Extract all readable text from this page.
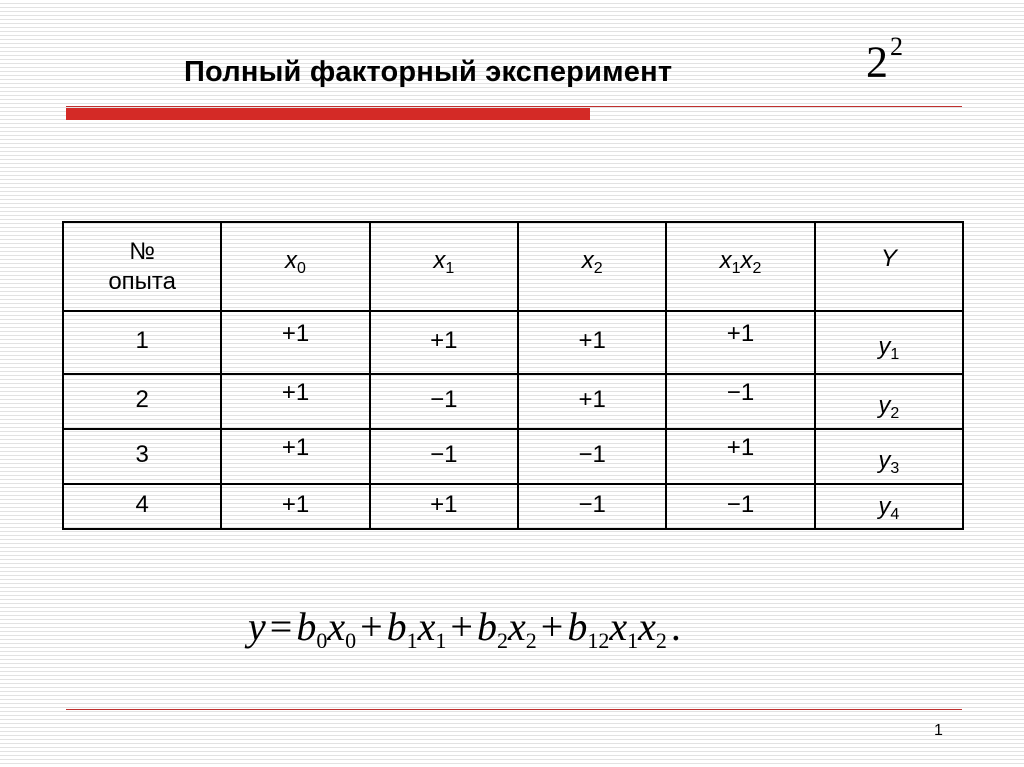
Полный факторный эксперимент	$2^2$
№ опыта	$x_0$	$x_1$	$x_2$	$x_1x_2$	Y
1	+1	+1	+1	+1	$y_1$
2	+1	−1	+1	−1	$y_2$
3	+1	−1	−1	+1	$y_3$
4	+1	+1	−1	−1	$y_4$
$y = b_0x_0 + b_1x_1 + b_2x_2 + b_{12}x_1x_2$ .
1
